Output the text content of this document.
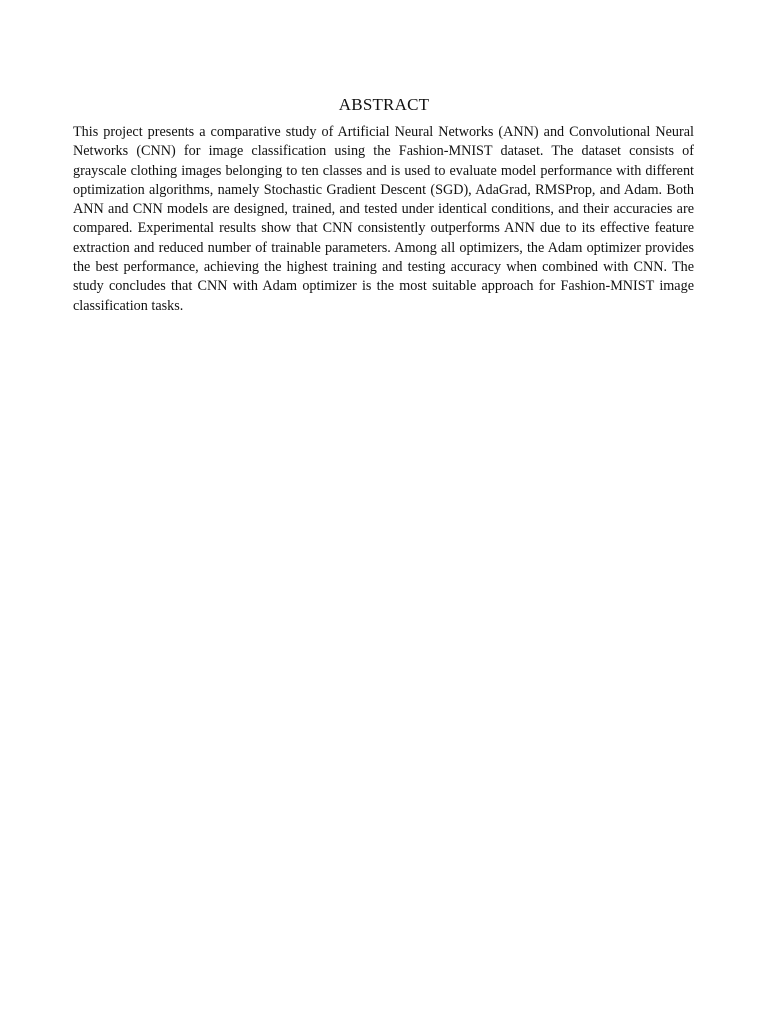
ABSTRACT

This project presents a comparative study of Artificial Neural Networks (ANN) and Convolutional Neural Networks (CNN) for image classification using the Fashion-MNIST dataset. The dataset consists of grayscale clothing images belonging to ten classes and is used to evaluate model performance with different optimization algorithms, namely Stochastic Gradient Descent (SGD), AdaGrad, RMSProp, and Adam. Both ANN and CNN models are designed, trained, and tested under identical conditions, and their accuracies are compared. Experimental results show that CNN consistently outperforms ANN due to its effective feature extraction and reduced number of trainable parameters. Among all optimizers, the Adam optimizer provides the best performance, achieving the highest training and testing accuracy when combined with CNN. The study concludes that CNN with Adam optimizer is the most suitable approach for Fashion-MNIST image classification tasks.
